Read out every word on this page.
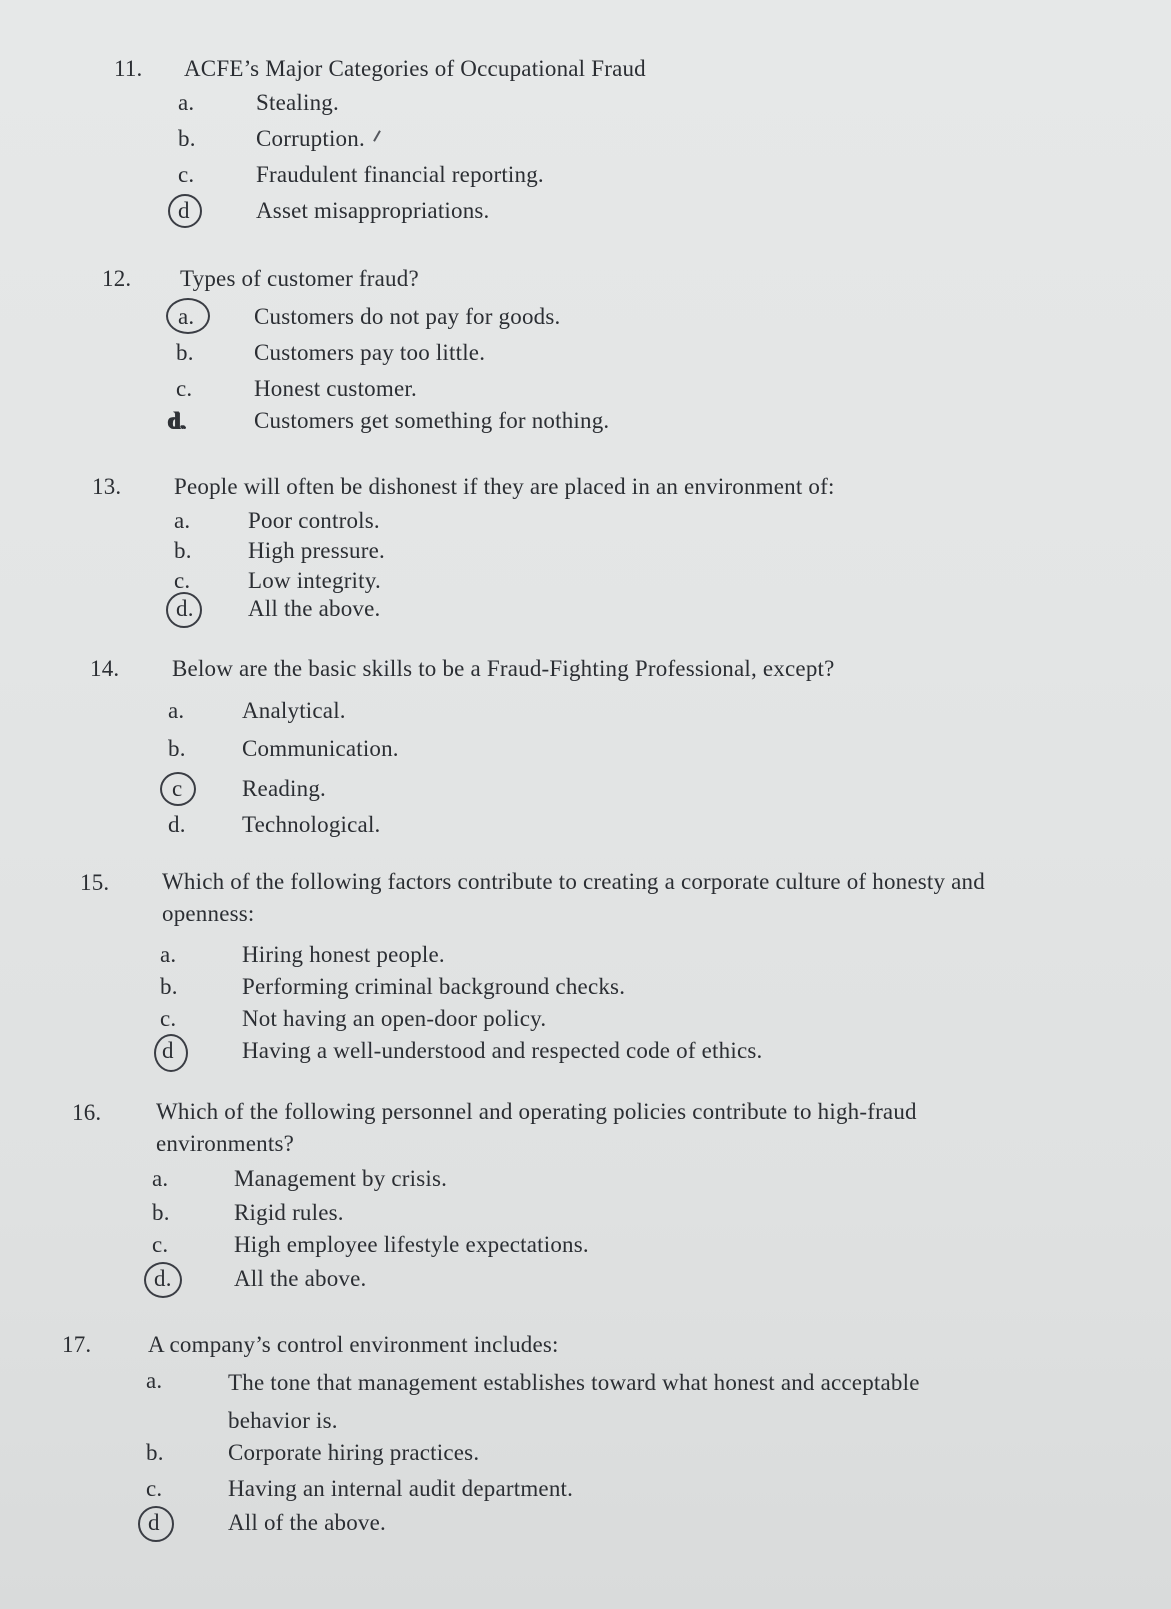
11. ACFE’s Major Categories of Occupational Fraud
a.	Stealing.
b.	Corruption.
c.	Fraudulent financial reporting.
d	Asset misappropriations.
12. Types of customer fraud?
a.	Customers do not pay for goods.
b.	Customers pay too little.
c.	Honest customer.
d.	Customers get something for nothing.
13. People will often be dishonest if they are placed in an environment of:
a.	Poor controls.
b. High pressure.
c.	Low integrity.
d. All the above.
14. Below are the basic skills to be a Fraud-Fighting Professional, except?
a.	Analytical.
b. Communication.
c	Reading.
d. Technological.
15. Which of the following factors contribute to creating a corporate culture of honesty and openness:
a.	Hiring honest people.
b.	Performing criminal background checks.
c.	Not having an open-door policy.
d	Having a well-understood and respected code of ethics.
16. Which of the following personnel and operating policies contribute to high-fraud environments?
a.	Management by crisis.
b.	Rigid rules.
c.	High employee lifestyle expectations.
d.	All the above.
17. A company’s control environment includes:
a.	The tone that management establishes toward what honest and acceptable behavior is.
b.	Corporate hiring practices.
c.	Having an internal audit department.
d	All of the above.
